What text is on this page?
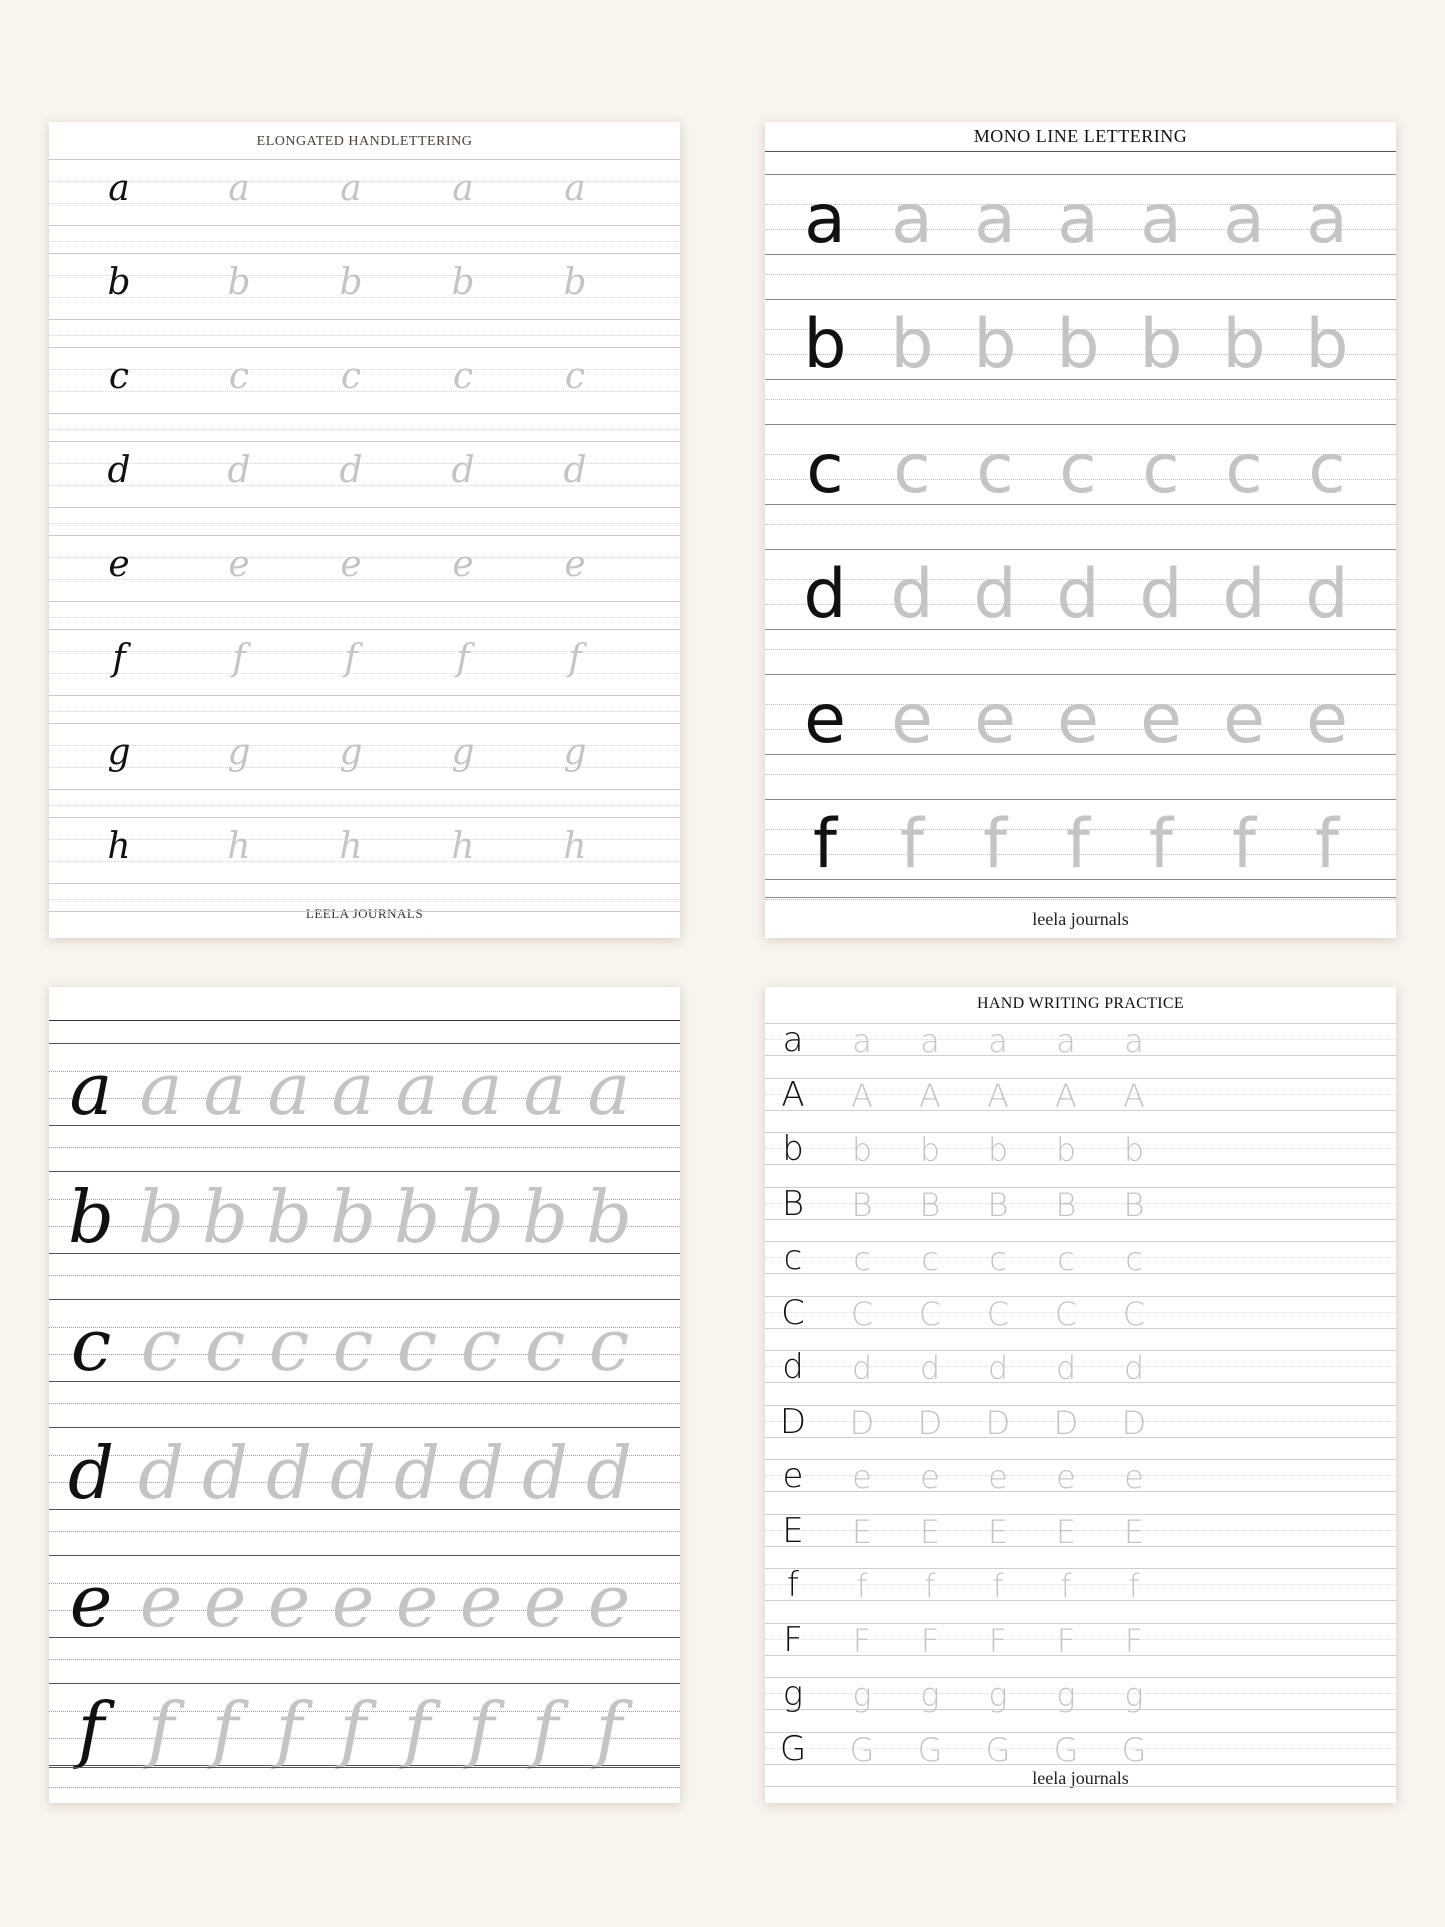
ELONGATED HANDLETTERING
LEELA JOURNALS
a	a	a	a	a
b	b b b b
c	c	c	c	c
d	d d d d
e	e	e	e	e
f	f	f	f	f
g	g g g g
h	h h h h
MONO LINE LETTERING
leela journals
a a a a a a a
b b b b b b b
c c c c c c c
d d d d d d d
e e e e e e e
f f f f f f f
a a a a a a a a a
b b b b b b b b b
c c c c c c c c c
d d d d d d d d d
e e e e e e e e e
f f f f f f f f f
HAND WRITING PRACTICE
leela journals
a a a a a a
A A A A A A
b b b b b b
B B B B B B
c c c c c c
C C C C C C
d d d d d d
D D D D D D
e e e e e e
E E E E E E
f f f f f f
F F F F F F
g g g g g g
G G G G G G
